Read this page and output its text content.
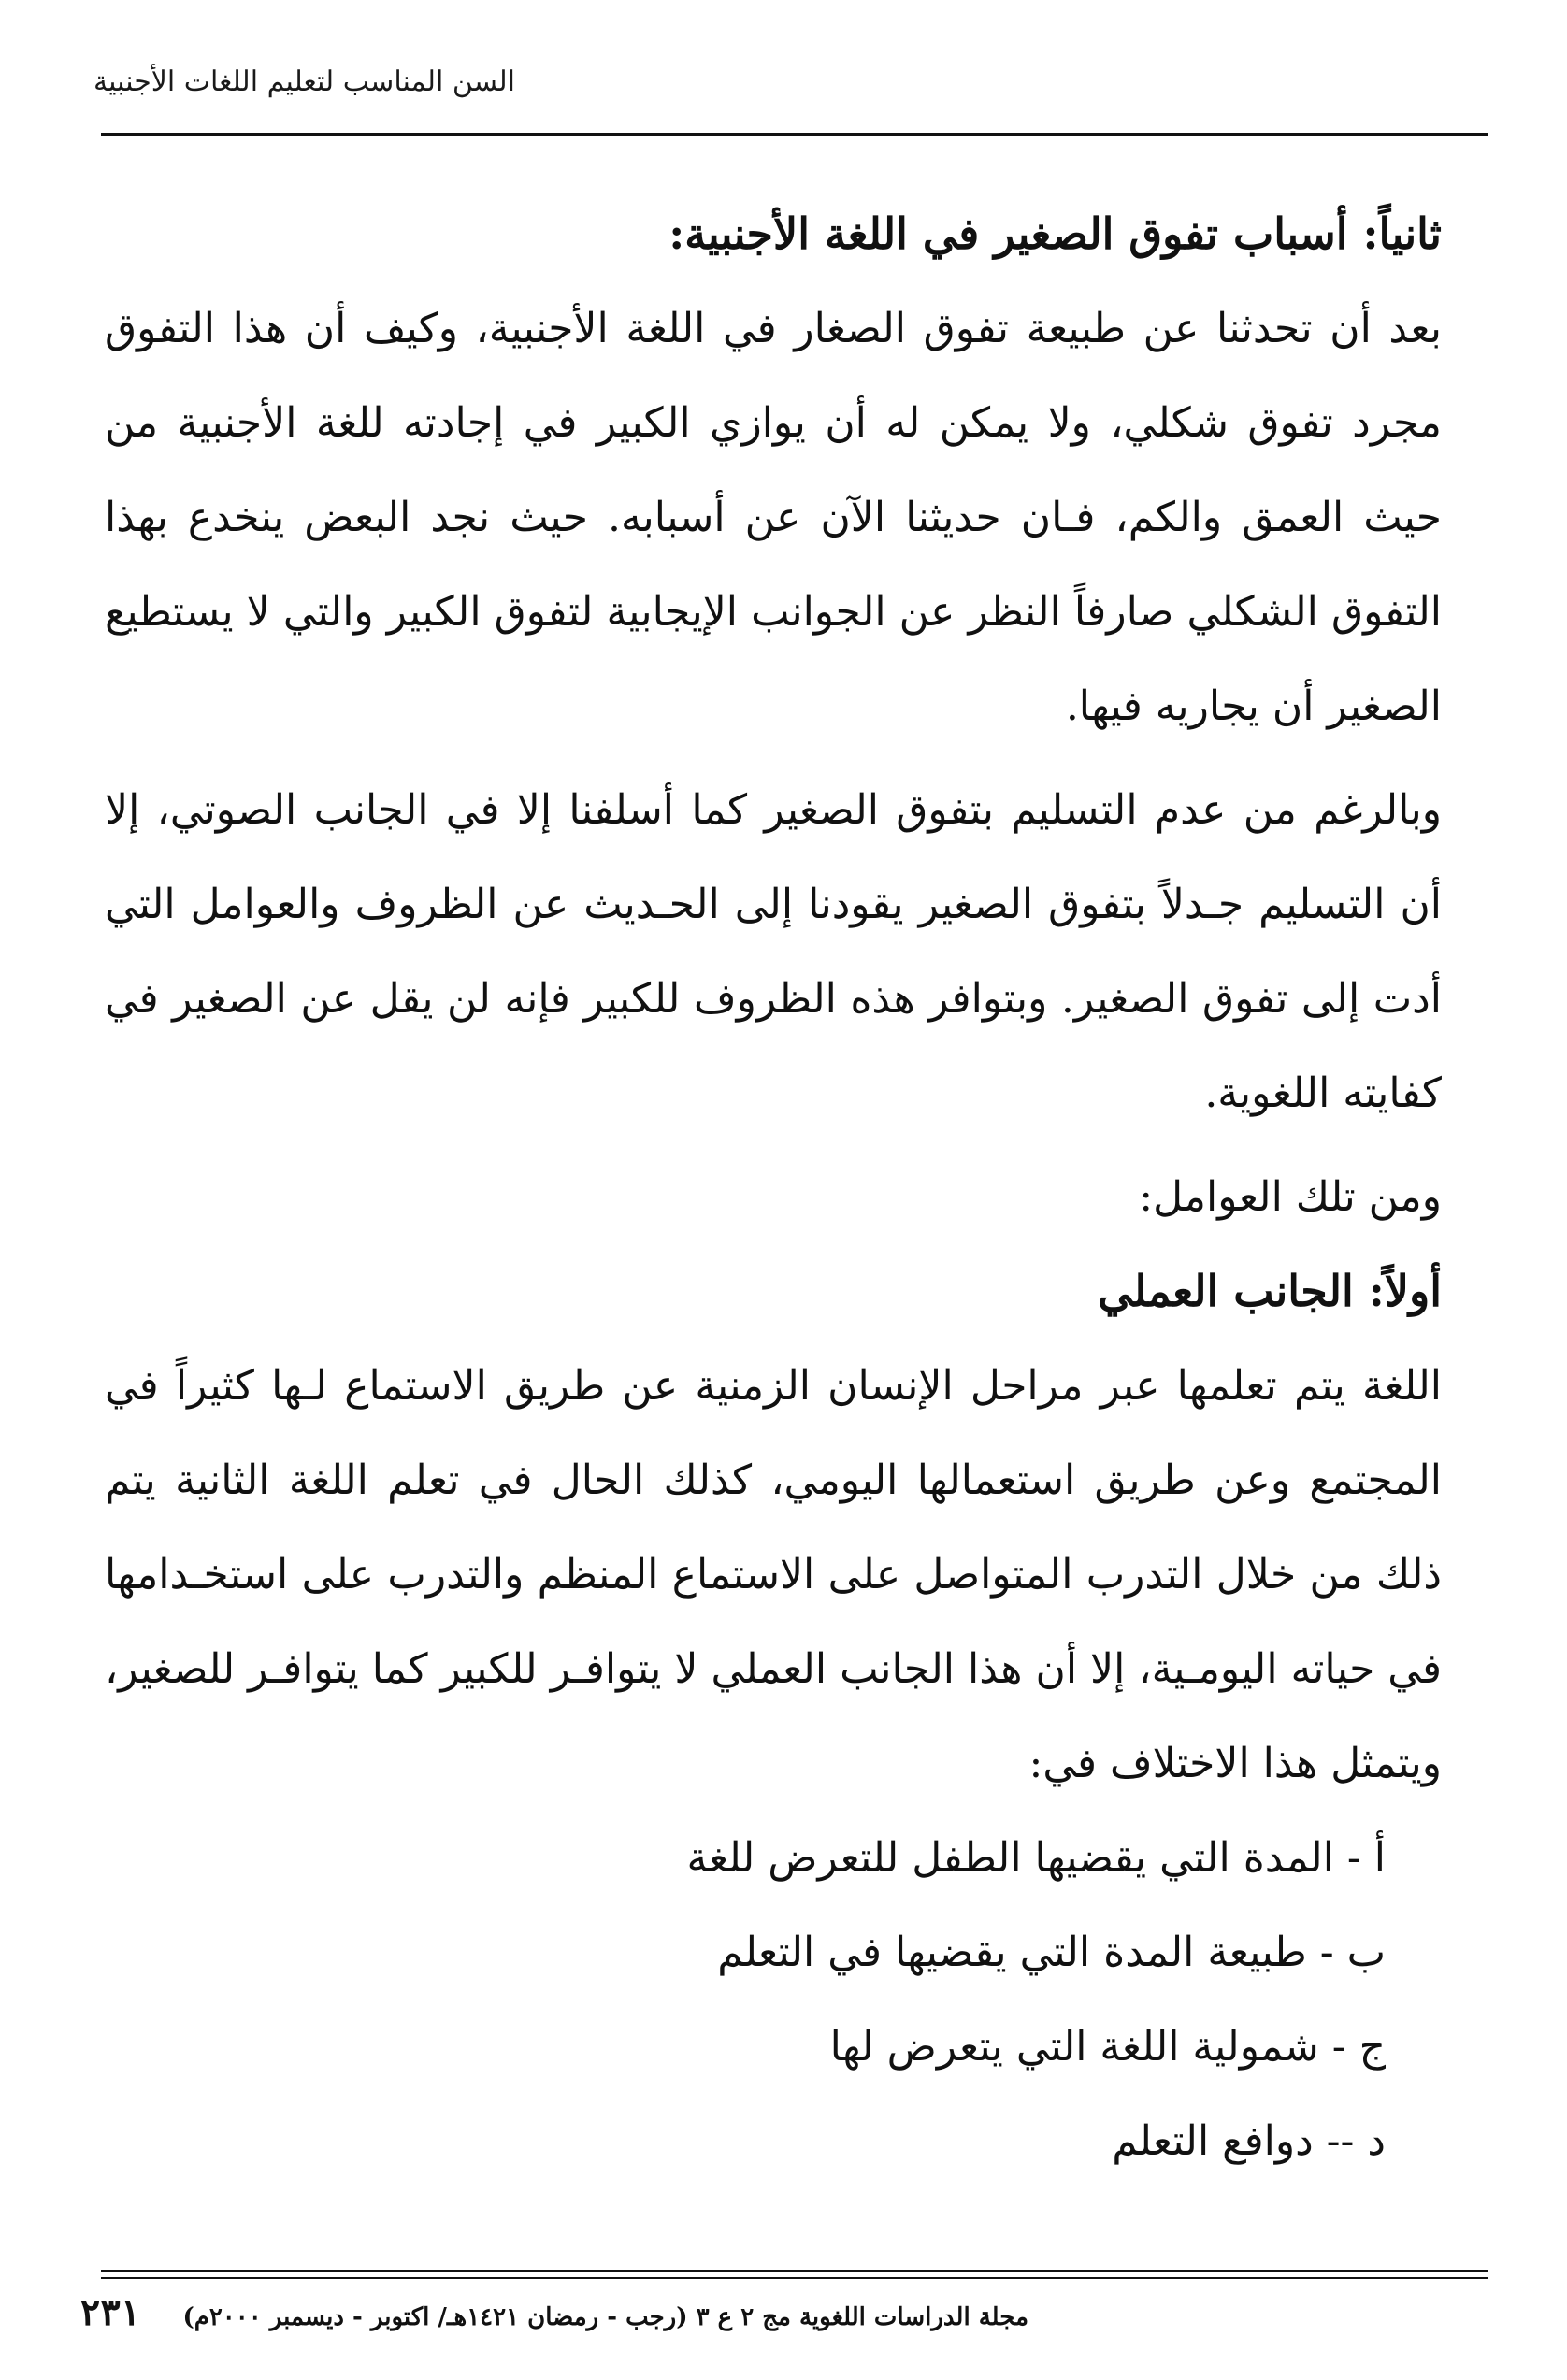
السن المناسب لتعليم اللغات الأجنبية

ثانياً: أسباب تفوق الصغير في اللغة الأجنبية:

بعد أن تحدثنا عن طبيعة تفوق الصغار في اللغة الأجنبية، وكيف أن هذا التفوق مجرد تفوق شكلي، ولا يمكن له أن يوازي الكبير في إجادته للغة الأجنبية من حيث العمق والكم، فـان حديثنا الآن عن أسبابه. حيث نجد البعض ينخدع بهذا التفوق الشكلي صارفاً النظر عن الجوانب الإيجابية لتفوق الكبير والتي لا يستطيع الصغير أن يجاريه فيها.

وبالرغم من عدم التسليم بتفوق الصغير كما أسلفنا إلا في الجانب الصوتي، إلا أن التسليم جـدلاً بتفوق الصغير يقودنا إلى الحـديث عن الظروف والعوامل التي أدت إلى تفوق الصغير. وبتوافر هذه الظروف للكبير فإنه لن يقل عن الصغير في كفايته اللغوية.

ومن تلك العوامل:

أولاً: الجانب العملي

اللغة يتم تعلمها عبر مراحل الإنسان الزمنية عن طريق الاستماع لـها كثيراً في المجتمع وعن طريق استعمالها اليومي، كذلك الحال في تعلم اللغة الثانية يتم ذلك من خلال التدرب المتواصل على الاستماع المنظم والتدرب على استخـدامها في حياته اليومـية، إلا أن هذا الجانب العملي لا يتوافـر للكبير كما يتوافـر للصغير، ويتمثل هذا الاختلاف في:

أ - المدة التي يقضيها الطفل للتعرض للغة
ب - طبيعة المدة التي يقضيها في التعلم
ج - شمولية اللغة التي يتعرض لها
د -- دوافع التعلم
مجلة الدراسات اللغوية مج ٢ ع ٣ (رجب - رمضان ١٤٢١هـ/ اكتوبر - ديسمبر ٢٠٠٠م)     ٢٣١
